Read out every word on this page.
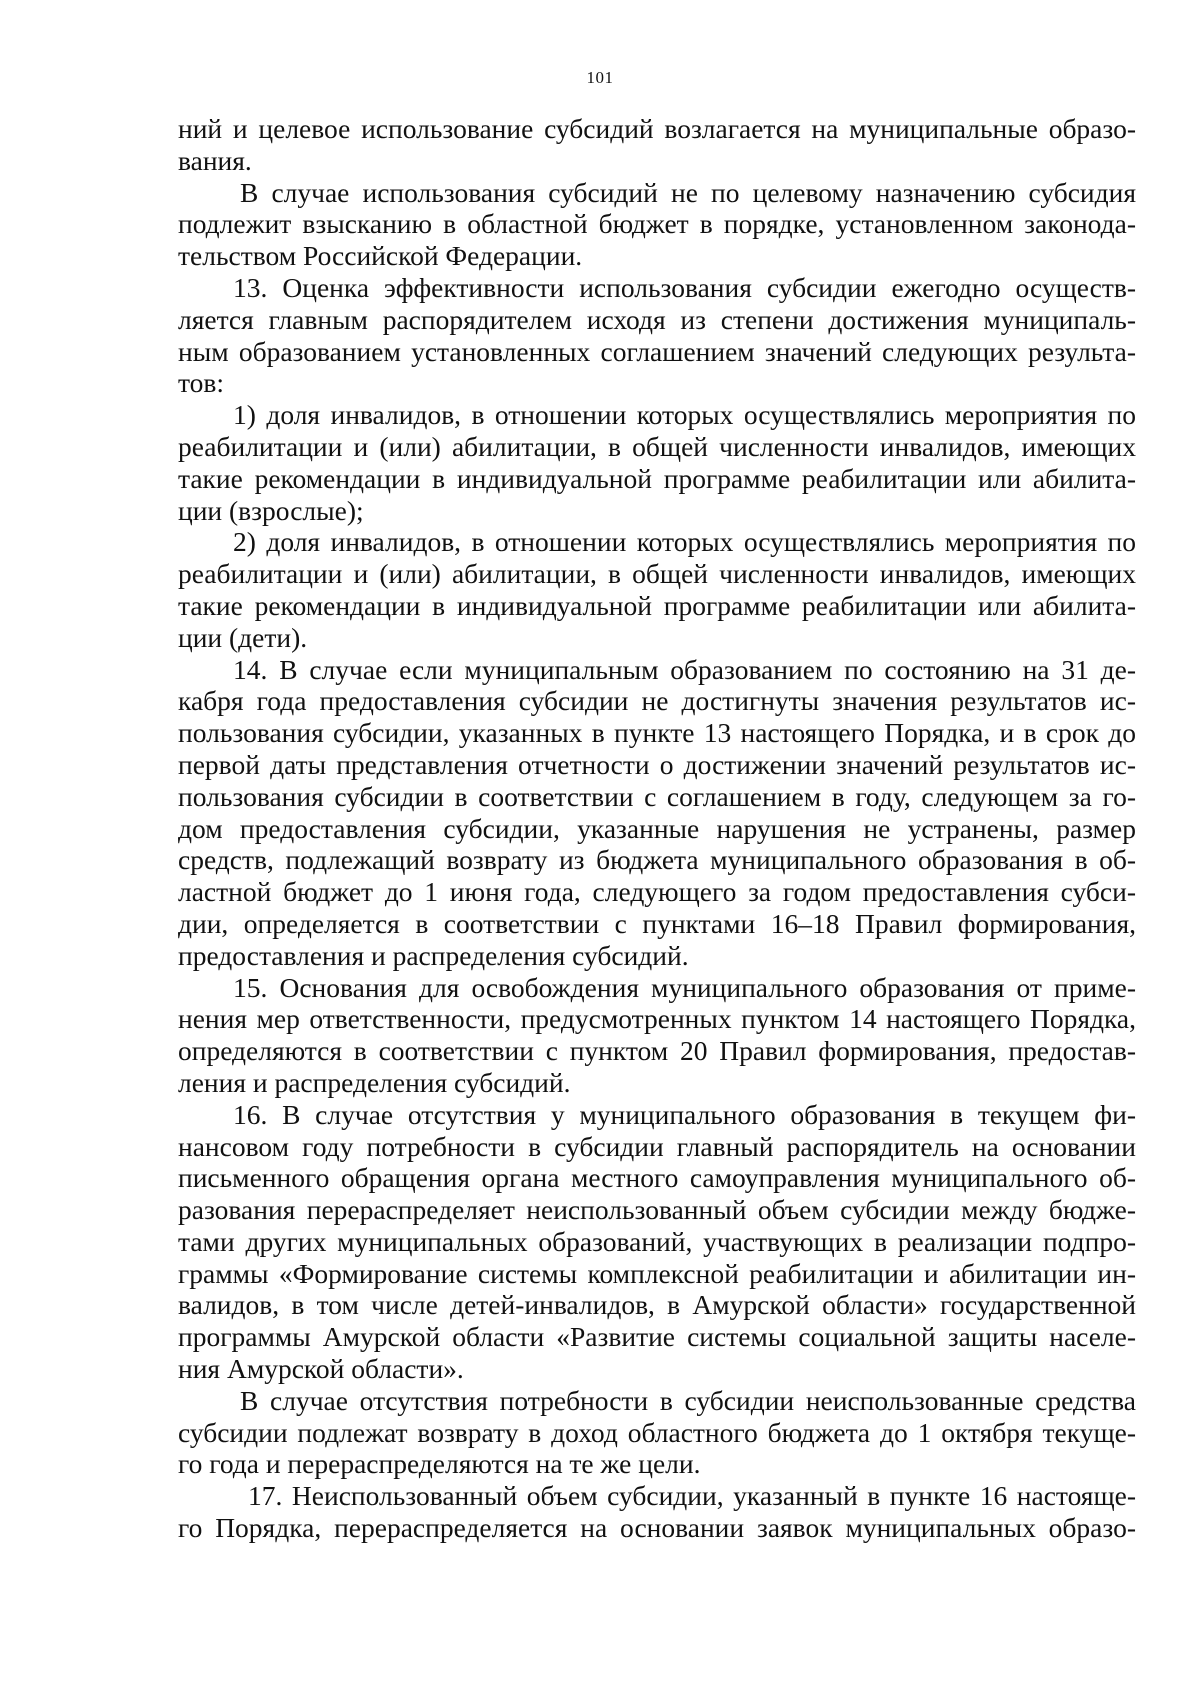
101
ний и целевое использование субсидий возлагается на муниципальные образо-
вания.
В случае использования субсидий не по целевому назначению субсидия
подлежит взысканию в областной бюджет в порядке, установленном законода-
тельством Российской Федерации.
13. Оценка эффективности использования субсидии ежегодно осуществ-
ляется главным распорядителем исходя из степени достижения муниципаль-
ным образованием установленных соглашением значений следующих результа-
тов:
1) доля инвалидов, в отношении которых осуществлялись мероприятия по
реабилитации и (или) абилитации, в общей численности инвалидов, имеющих
такие рекомендации в индивидуальной программе реабилитации или абилита-
ции (взрослые);
2) доля инвалидов, в отношении которых осуществлялись мероприятия по
реабилитации и (или) абилитации, в общей численности инвалидов, имеющих
такие рекомендации в индивидуальной программе реабилитации или абилита-
ции (дети).
14. В случае если муниципальным образованием по состоянию на 31 де-
кабря года предоставления субсидии не достигнуты значения результатов ис-
пользования субсидии, указанных в пункте 13 настоящего Порядка, и в срок до
первой даты представления отчетности о достижении значений результатов ис-
пользования субсидии в соответствии с соглашением в году, следующем за го-
дом предоставления субсидии, указанные нарушения не устранены, размер
средств, подлежащий возврату из бюджета муниципального образования в об-
ластной бюджет до 1 июня года, следующего за годом предоставления субси-
дии, определяется в соответствии с пунктами 16–18 Правил формирования,
предоставления и распределения субсидий.
15. Основания для освобождения муниципального образования от приме-
нения мер ответственности, предусмотренных пунктом 14 настоящего Порядка,
определяются в соответствии с пунктом 20 Правил формирования, предостав-
ления и распределения субсидий.
16. В случае отсутствия у муниципального образования в текущем фи-
нансовом году потребности в субсидии главный распорядитель на основании
письменного обращения органа местного самоуправления муниципального об-
разования перераспределяет неиспользованный объем субсидии между бюдже-
тами других муниципальных образований, участвующих в реализации подпро-
граммы «Формирование системы комплексной реабилитации и абилитации ин-
валидов, в том числе детей-инвалидов, в Амурской области» государственной
программы Амурской области «Развитие системы социальной защиты населе-
ния Амурской области».
В случае отсутствия потребности в субсидии неиспользованные средства
субсидии подлежат возврату в доход областного бюджета до 1 октября текуще-
го года и перераспределяются на те же цели.
17. Неиспользованный объем субсидии, указанный в пункте 16 настояще-
го Порядка, перераспределяется на основании заявок муниципальных образо-
